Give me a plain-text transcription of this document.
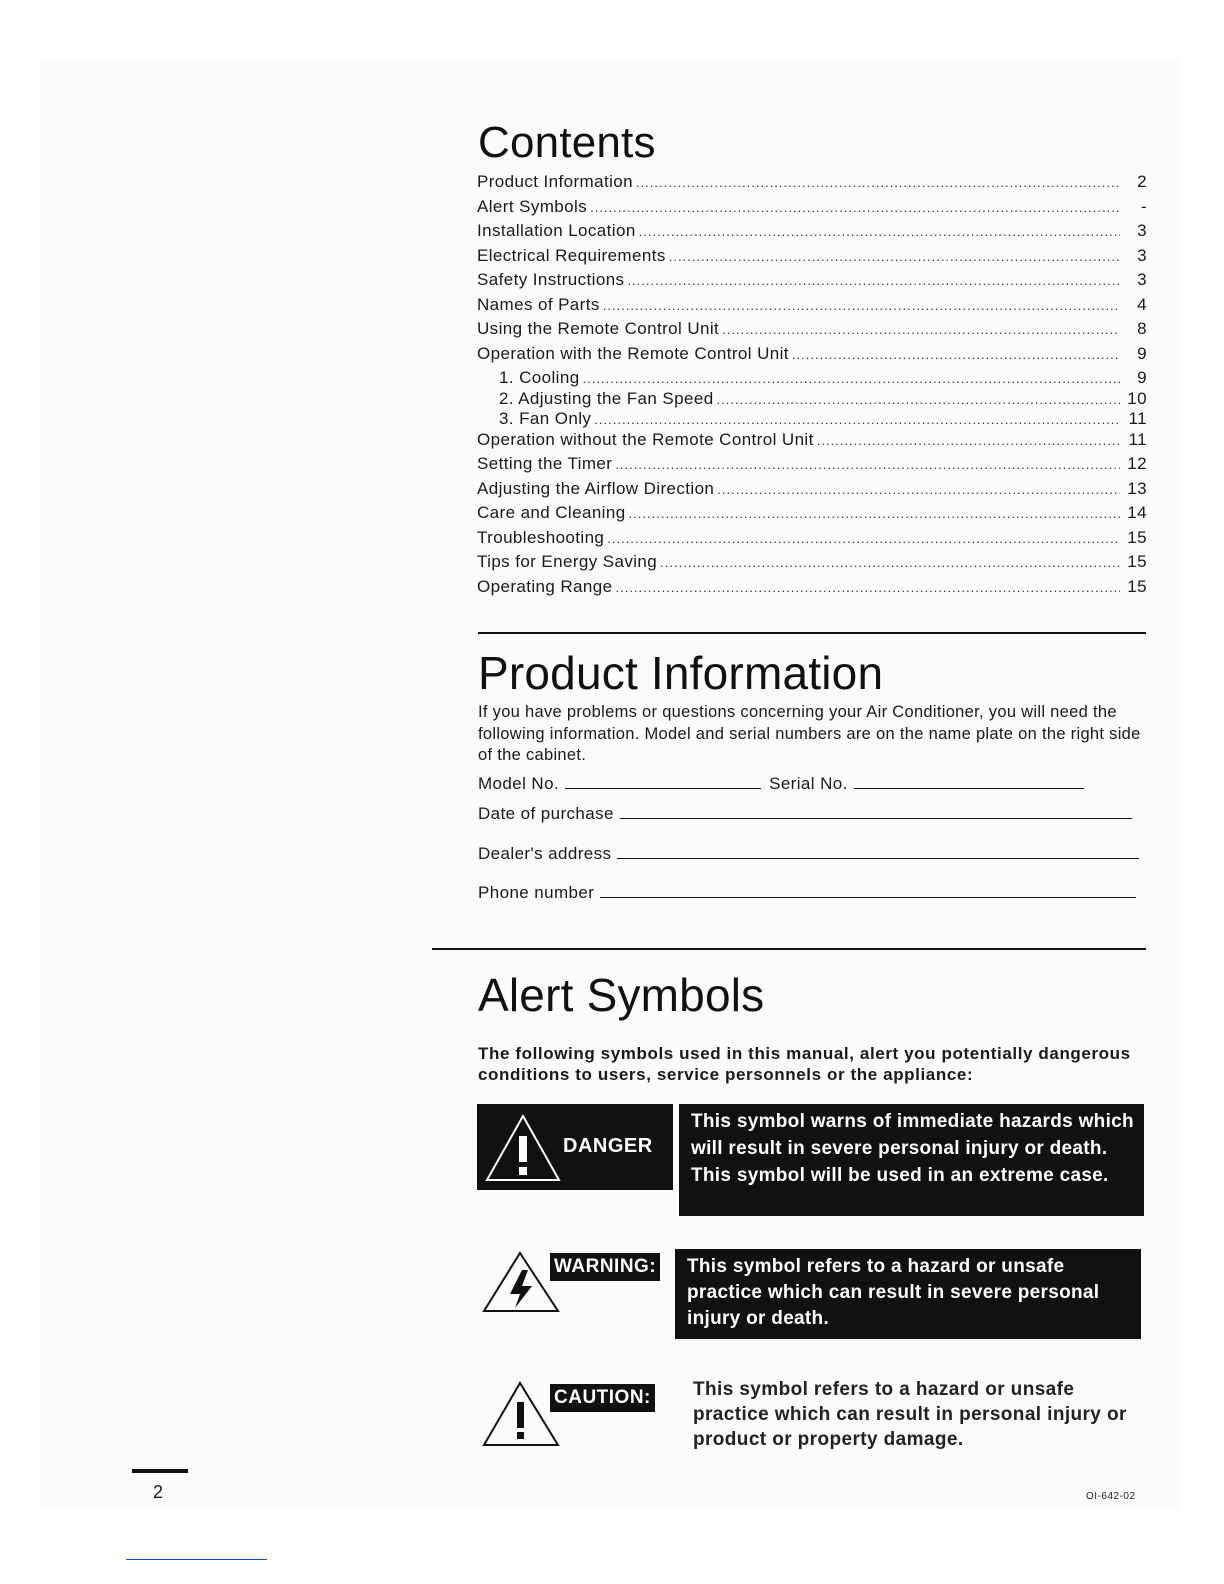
Contents
Product Information .....	2
Alert Symbols .....	-
Installation Location .....	3
Electrical Requirements .....	3
Safety Instructions .....	3
Names of Parts .....	4
Using the Remote Control Unit .....	8
Operation with the Remote Control Unit .....	9
1. Cooling .....	9
2. Adjusting the Fan Speed .....	10
3. Fan Only .....	11
Operation without the Remote Control Unit .....	11
Setting the Timer .....	12
Adjusting the Airflow Direction .....	13
Care and Cleaning .....	14
Troubleshooting .....	15
Tips for Energy Saving .....	15
Operating Range .....	15
Product Information

If you have problems or questions concerning your Air Conditioner, you will need the following information. Model and serial numbers are on the name plate on the right side of the cabinet.

Model No.	Serial No.
Date of purchase
Dealer's address
Phone number
Alert Symbols

The following symbols used in this manual, alert you potentially dangerous conditions to users, service personnels or the appliance:

DANGER

This symbol warns of immediate hazards which will result in severe personal injury or death. This symbol will be used in an extreme case.

WARNING:	This symbol refers to a hazard or unsafe practice which can result in severe personal injury or death.

CAUTION: This symbol refers to a hazard or unsafe practice which can result in personal injury or product or property damage.

2	OI-642-02
